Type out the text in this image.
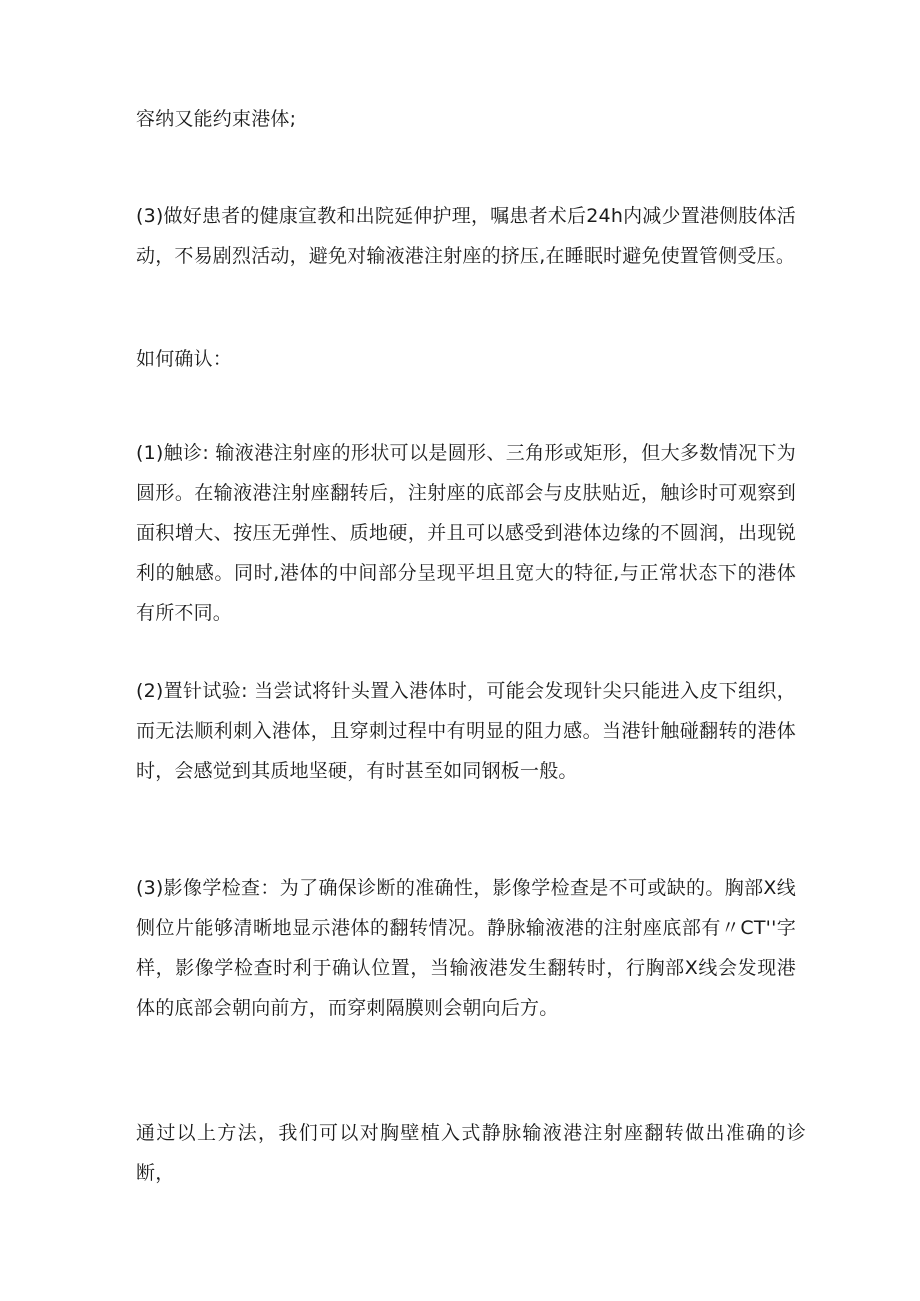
容纳又能约束港体;

(3)做好患者的健康宣教和出院延伸护理，嘱患者术后24h内减少置港侧肢体活动，不易剧烈活动，避免对输液港注射座的挤压,在睡眠时避免使置管侧受压。

如何确认：

(1)触诊: 输液港注射座的形状可以是圆形、三角形或矩形，但大多数情况下为圆形。在输液港注射座翻转后，注射座的底部会与皮肤贴近，触诊时可观察到面积增大、按压无弹性、质地硬，并且可以感受到港体边缘的不圆润，出现锐利的触感。同时,港体的中间部分呈现平坦且宽大的特征,与正常状态下的港体有所不同。

(2)置针试验: 当尝试将针头置入港体时，可能会发现针尖只能进入皮下组织，而无法顺利刺入港体，且穿刺过程中有明显的阻力感。当港针触碰翻转的港体时，会感觉到其质地坚硬，有时甚至如同钢板一般。

(3)影像学检查：为了确保诊断的准确性，影像学检查是不可或缺的。胸部X线侧位片能够清晰地显示港体的翻转情况。静脉输液港的注射座底部有〃CT''字样，影像学检查时利于确认位置，当输液港发生翻转时，行胸部X线会发现港体的底部会朝向前方，而穿刺隔膜则会朝向后方。

通过以上方法，我们可以对胸壁植入式静脉输液港注射座翻转做出准确的诊断，
